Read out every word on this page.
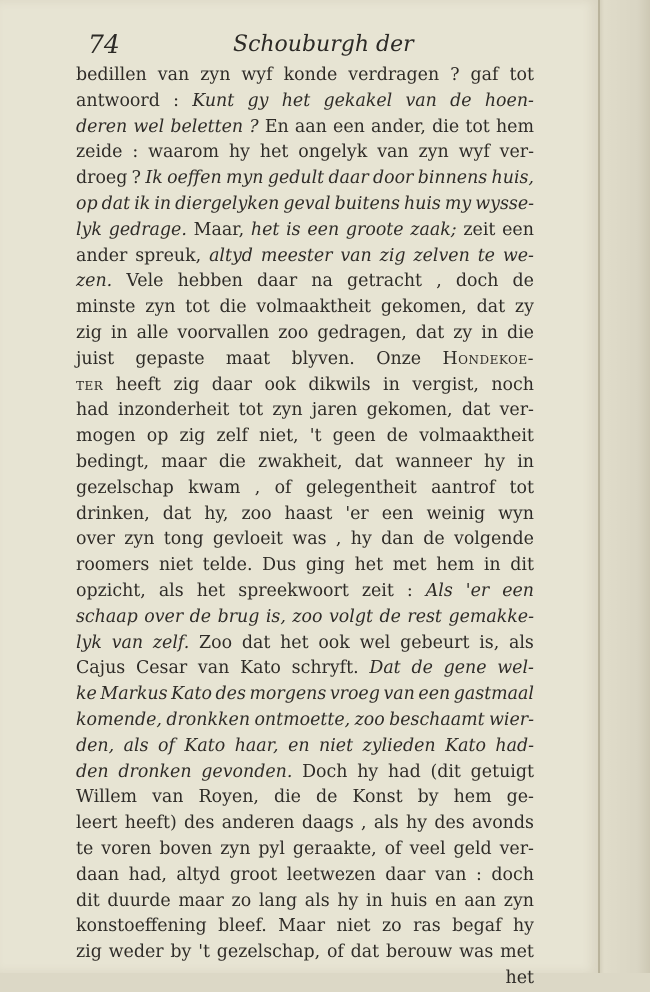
74	Schouburgh der
bedillen van zyn wyf konde verdragen ? gaf tot
antwoord : Kunt gy het gekakel van de hoen-
deren wel beletten ? En aan een ander, die tot hem
zeide : waarom hy het ongelyk van zyn wyf ver-
droeg ? Ik oeffen myn gedult daar door binnens huis,
op dat ik in diergelyken geval buitens huis my wysse-
lyk gedrage. Maar, het is een groote zaak; zeit een
ander spreuk, altyd meester van zig zelven te we-
zen. Vele hebben daar na getracht , doch de
minste zyn tot die volmaaktheit gekomen, dat zy
zig in alle voorvallen zoo gedragen, dat zy in die
juist gepaste maat blyven. Onze Hondekoe-
ter heeft zig daar ook dikwils in vergist, noch
had inzonderheit tot zyn jaren gekomen, dat ver-
mogen op zig zelf niet, 't geen de volmaaktheit
bedingt, maar die zwakheit, dat wanneer hy in
gezelschap kwam , of gelegentheit aantrof tot
drinken, dat hy, zoo haast 'er een weinig wyn
over zyn tong gevloeit was , hy dan de volgende
roomers niet telde. Dus ging het met hem in dit
opzicht, als het spreekwoort zeit : Als 'er een
schaap over de brug is, zoo volgt de rest gemakke-
lyk van zelf. Zoo dat het ook wel gebeurt is, als
Cajus Cesar van Kato schryft. Dat de gene wel-
ke Markus Kato des morgens vroeg van een gastmaal
komende, dronkken ontmoette, zoo beschaamt wier-
den, als of Kato haar, en niet zylieden Kato had-
den dronken gevonden. Doch hy had (dit getuigt
Willem van Royen, die de Konst by hem ge-
leert heeft) des anderen daags , als hy des avonds
te voren boven zyn pyl geraakte, of veel geld ver-
daan had, altyd groot leetwezen daar van : doch
dit duurde maar zo lang als hy in huis en aan zyn
konstoeffening bleef. Maar niet zo ras begaf hy
zig weder by 't gezelschap, of dat berouw was met
het
